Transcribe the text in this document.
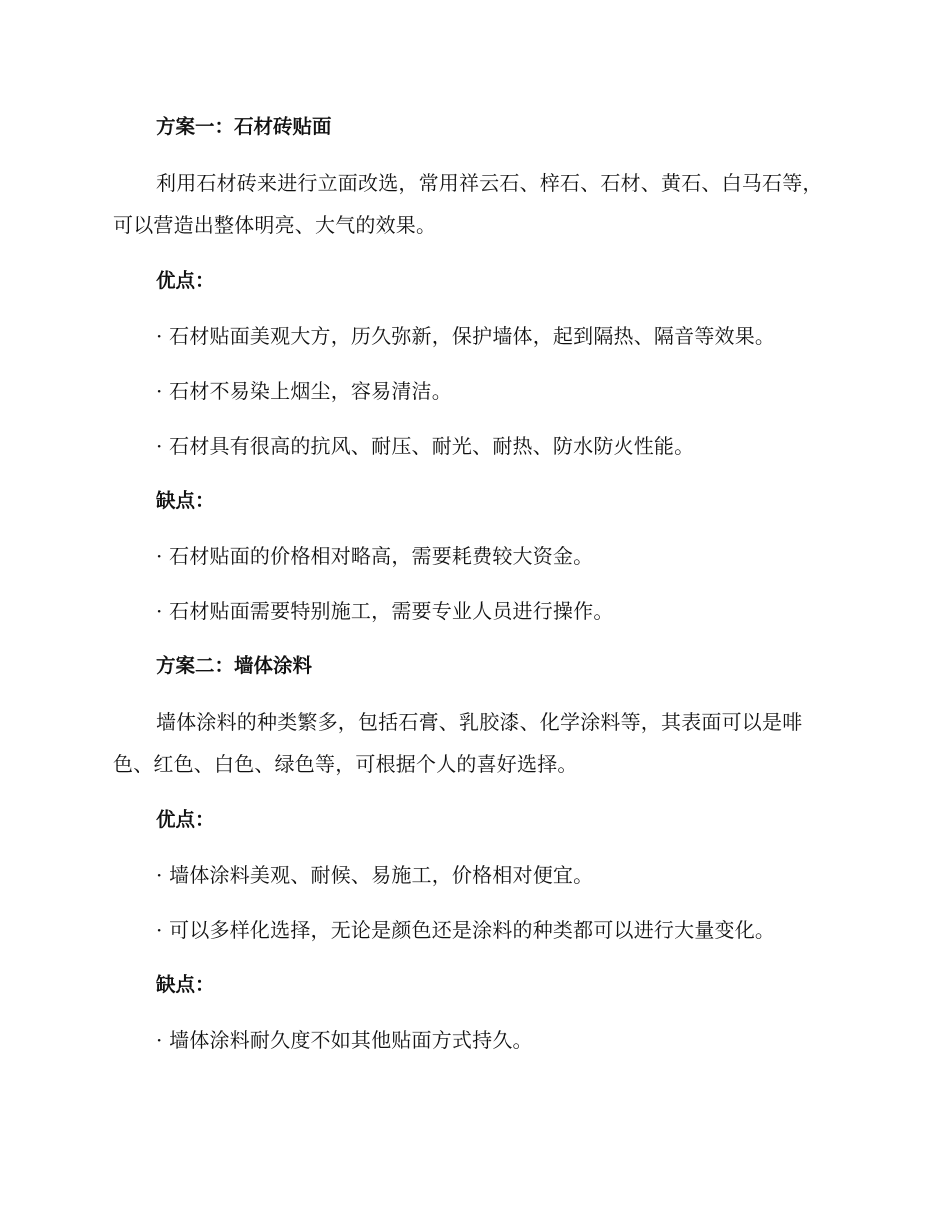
方案一：石材砖贴面

利用石材砖来进行立面改选，常用祥云石、梓石、石材、黄石、白马石等，可以营造出整体明亮、大气的效果。

优点：

· 石材贴面美观大方，历久弥新，保护墙体，起到隔热、隔音等效果。

· 石材不易染上烟尘，容易清洁。

· 石材具有很高的抗风、耐压、耐光、耐热、防水防火性能。

缺点：

· 石材贴面的价格相对略高，需要耗费较大资金。

· 石材贴面需要特别施工，需要专业人员进行操作。

方案二：墙体涂料

墙体涂料的种类繁多，包括石膏、乳胶漆、化学涂料等，其表面可以是啡色、红色、白色、绿色等，可根据个人的喜好选择。

优点：

· 墙体涂料美观、耐候、易施工，价格相对便宜。

· 可以多样化选择，无论是颜色还是涂料的种类都可以进行大量变化。

缺点：

· 墙体涂料耐久度不如其他贴面方式持久。
